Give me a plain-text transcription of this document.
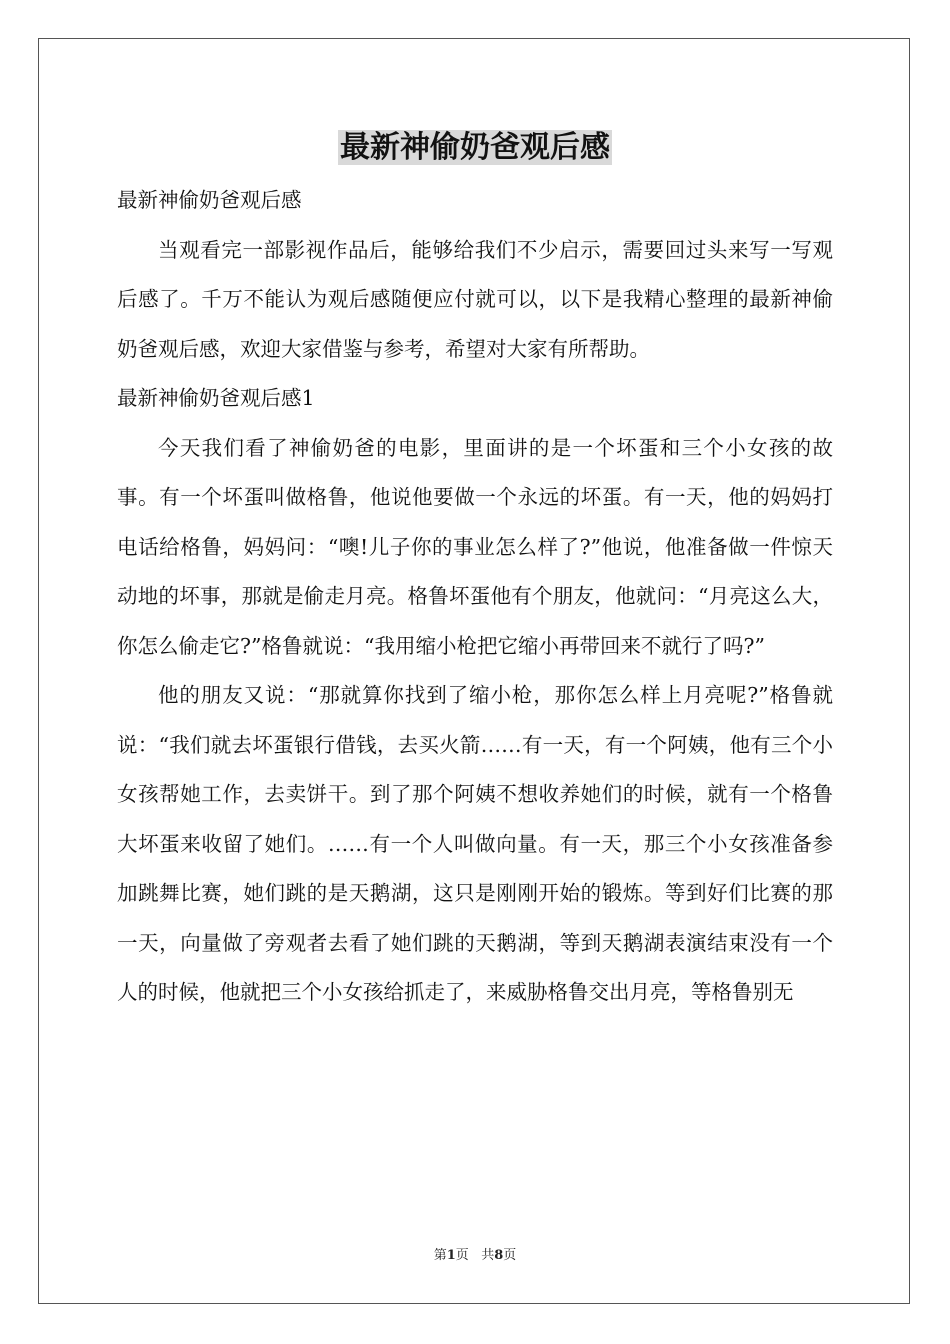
最新神偷奶爸观后感

最新神偷奶爸观后感

当观看完一部影视作品后，能够给我们不少启示，需要回过头来写一写观后感了。千万不能认为观后感随便应付就可以，以下是我精心整理的最新神偷奶爸观后感，欢迎大家借鉴与参考，希望对大家有所帮助。

最新神偷奶爸观后感1

今天我们看了神偷奶爸的电影，里面讲的是一个坏蛋和三个小女孩的故事。有一个坏蛋叫做格鲁，他说他要做一个永远的坏蛋。有一天，他的妈妈打电话给格鲁，妈妈问：“噢!儿子你的事业怎么样了?”他说，他准备做一件惊天动地的坏事，那就是偷走月亮。格鲁坏蛋他有个朋友，他就问：“月亮这么大，你怎么偷走它?”格鲁就说：“我用缩小枪把它缩小再带回来不就行了吗?”

他的朋友又说：“那就算你找到了缩小枪，那你怎么样上月亮呢?”格鲁就说：“我们就去坏蛋银行借钱，去买火箭……有一天，有一个阿姨，他有三个小女孩帮她工作，去卖饼干。到了那个阿姨不想收养她们的时候，就有一个格鲁大坏蛋来收留了她们。……有一个人叫做向量。有一天，那三个小女孩准备参加跳舞比赛，她们跳的是天鹅湖，这只是刚刚开始的锻炼。等到好们比赛的那一天，向量做了旁观者去看了她们跳的天鹅湖，等到天鹅湖表演结束没有一个人的时候，他就把三个小女孩给抓走了，来威胁格鲁交出月亮，等格鲁别无

第1页 共8页
